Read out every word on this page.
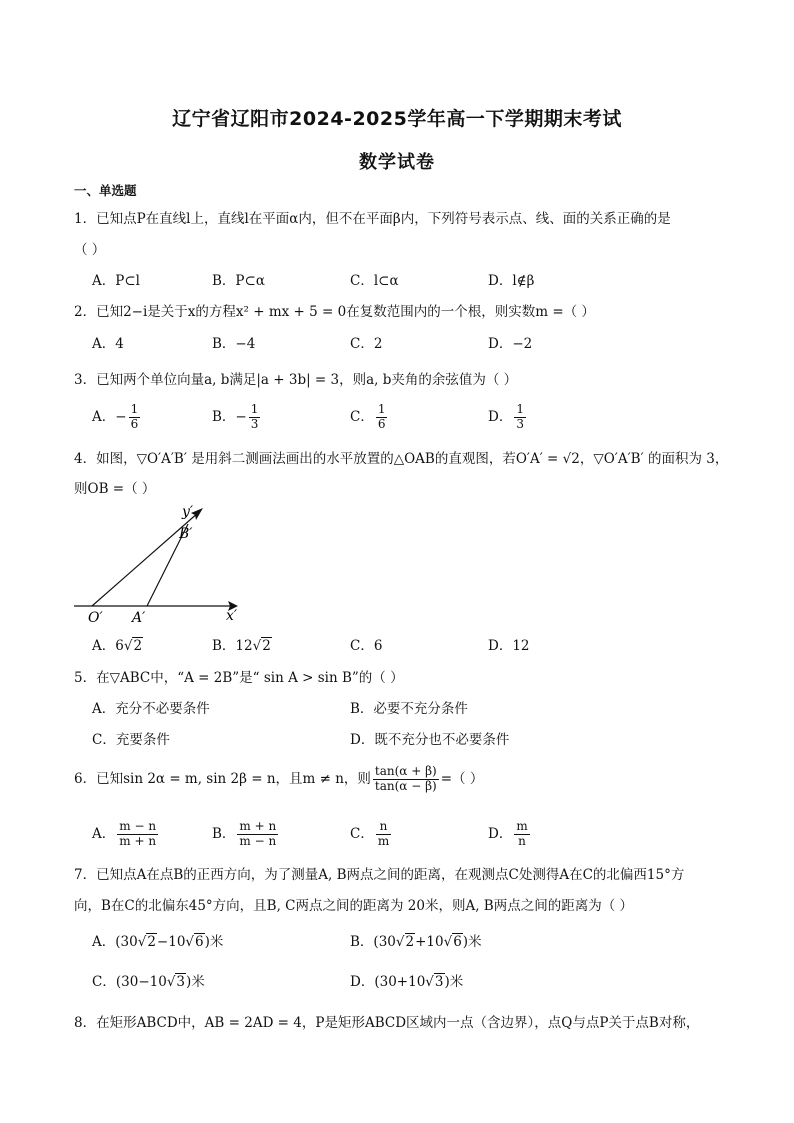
辽宁省辽阳市2024-2025学年高一下学期期末考试
数学试卷
一、单选题
1．已知点P在直线l上，直线l在平面α内，但不在平面β内，下列符号表示点、线、面的关系正确的是
（ ）
A．P⊂l	B．P⊂α	C．l⊂α	D．l∉β
2．已知2−i是关于x的方程x² + mx + 5 = 0在复数范围内的一个根，则实数m =（ ）
A．4	B．−4	C．2	D．−2
3．已知两个单位向量a, b满足|a + 3b| = 3，则a, b夹角的余弦值为（ ）
A．− $\frac{1}{6}$	B．− $\frac{1}{3}$	C． $\frac{1}{6}$	D． $\frac{1}{3}$
4．如图，▽O′A′B′ 是用斜二测画法画出的水平放置的△OAB的直观图，若O′A′ = √2，▽O′A′B′ 的面积为 3，
则OB =（ ）
y′
B′
O′ A′	x′
A．6√2	B．12√2	C．6	D．12
5．在▽ABC中，“A = 2B”是“ sin A > sin B”的（ ）
A．充分不必要条件	B．必要不充分条件
C．充要条件	D．既不充分也不必要条件
6．已知sin 2α = m, sin 2β = n，且m ≠ n，则 $\frac{\tan(\alpha + \beta)}{\tan(\alpha - \beta)}$ =（ ）
A． $\frac{m - n}{m + n}$	B． $\frac{m + n}{m - n}$	C． $\frac{n}{m}$	D． $\frac{m}{n}$
7．已知点A在点B的正西方向，为了测量A, B两点之间的距离，在观测点C处测得A在C的北偏西15°方
向，B在C的北偏东45°方向，且B, C两点之间的距离为 20米，则A, B两点之间的距离为（ ）
A．(30√2−10√6)米	B．(30√2+10√6)米
C．(30−10√3)米	D．(30+10√3)米
8．在矩形ABCD中，AB = 2AD = 4，P是矩形ABCD区域内一点（含边界），点Q与点P关于点B对称，
